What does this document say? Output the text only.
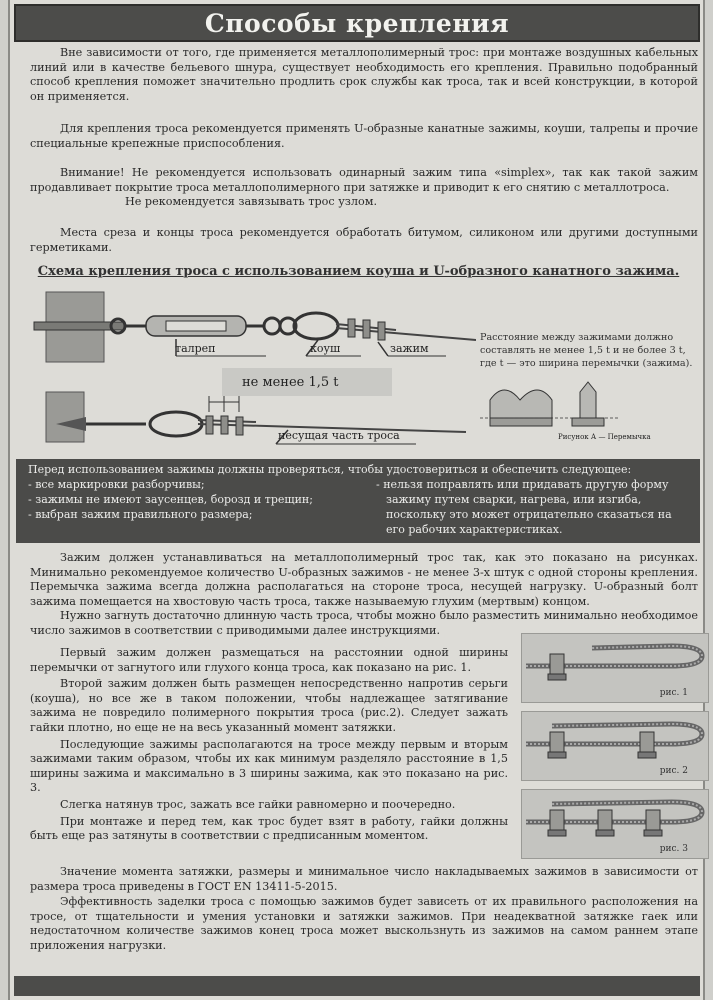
Способы крепления

Вне зависимости от того, где применяется металлополимерный трос: при монтаже воздушных кабельных линий или в качестве бельевого шнура, существует необходимость его крепления. Правильно подобранный способ крепления поможет значительно продлить срок службы как троса, так и всей конструкции, в которой он применяется.

Для крепления троса рекомендуется применять U-образные канатные зажимы, коуши, талрепы и прочие специальные крепежные приспособления.

Внимание! Не рекомендуется использовать одинарный зажим типа «simplex», так как такой зажим продавливает покрытие троса металлополимерного при затяжке и приводит к его снятию с металлотроса.

Не рекомендуется завязывать трос узлом.

Места среза и концы троса рекомендуется обработать битумом, силиконом или другими доступными герметиками.

Схема крепления троса с использованием коуша и U-образного канатного зажима.
талреп	коуш	зажим
не менее 1,5 t
несущая часть троса
Расстояние между зажимами должно составлять не менее 1,5 t и не более 3 t, где t — это ширина перемычки (зажима).
Рисунок А — Перемычка
Перед использованием зажимы должны проверяться, чтобы удостовериться и обеспечить следующее:
- все маркировки разборчивы;
- зажимы не имеют заусенцев, борозд и трещин;
- выбран зажим правильного размера;
- нельзя поправлять или придавать другую форму
зажиму путем сварки, нагрева, или изгиба,
поскольку это может отрицательно сказаться на
его рабочих характеристиках.

Зажим должен устанавливаться на металлополимерный трос так, как это показано на рисунках. Минимально рекомендуемое количество U-образных зажимов - не менее 3-х штук с одной стороны крепления. Перемычка зажима всегда должна располагаться на стороне троса, несущей нагрузку. U-образный болт зажима помещается на хвостовую часть троса, также называемую глухим (мертвым) концом.

Нужно загнуть достаточно длинную часть троса, чтобы можно было разместить минимально необходимое число зажимов в соответствии с приводимыми далее инструкциями.

Первый зажим должен размещаться на расстоянии одной ширины перемычки от загнутого или глухого конца троса, как показано на рис. 1.

Второй зажим должен быть размещен непосредственно напротив серьги (коуша), но все же в таком положении, чтобы надлежащее затягивание зажима не повредило полимерного покрытия троса (рис.2). Следует зажать гайки плотно, но еще не на весь указанный момент затяжки.

Последующие зажимы располагаются на тросе между первым и вторым зажимами таким образом, чтобы их как минимум разделяло расстояние в 1,5 ширины зажима и максимально в 3 ширины зажима, как это показано на рис. 3.

Слегка натянув трос, зажать все гайки равномерно и поочередно.

При монтаже и перед тем, как трос будет взят в работу, гайки должны быть еще раз затянуты в соответствии с предписанным моментом.

рис. 1
рис. 2
рис. 3

Значение момента затяжки, размеры и минимальное число накладываемых зажимов в зависимости от размера троса приведены в ГОСТ EN 13411-5-2015.

Эффективность заделки троса с помощью зажимов будет зависеть от их правильного расположения на тросе, от тщательности и умения установки и затяжки зажимов. При неадекватной затяжке гаек или недостаточном количестве зажимов конец троса может выскользнуть из зажимов на самом раннем этапе приложения нагрузки.
